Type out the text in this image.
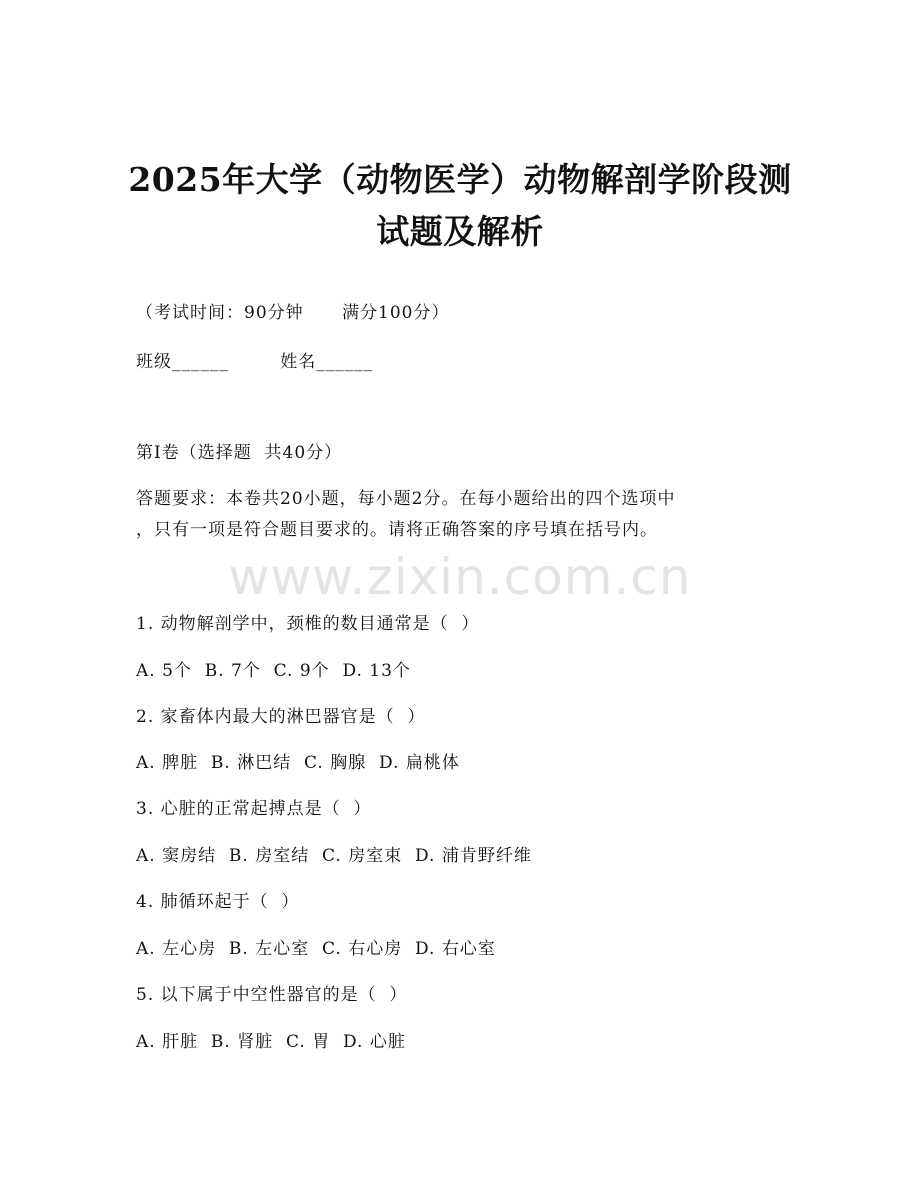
2025年大学（动物医学）动物解剖学阶段测
试题及解析
（考试时间：90分钟      满分100分）
班级______        姓名______
第I卷（选择题  共40分）
答题要求：本卷共20小题，每小题2分。在每小题给出的四个选项中
，只有一项是符合题目要求的。请将正确答案的序号填在括号内。
www.zixin.com.cn
1. 动物解剖学中，颈椎的数目通常是（  ）
A. 5个  B. 7个  C. 9个  D. 13个
2. 家畜体内最大的淋巴器官是（  ）
A. 脾脏  B. 淋巴结  C. 胸腺  D. 扁桃体
3. 心脏的正常起搏点是（  ）
A. 窦房结  B. 房室结  C. 房室束  D. 浦肯野纤维
4. 肺循环起于（  ）
A. 左心房  B. 左心室  C. 右心房  D. 右心室
5. 以下属于中空性器官的是（  ）
A. 肝脏  B. 肾脏  C. 胃  D. 心脏
